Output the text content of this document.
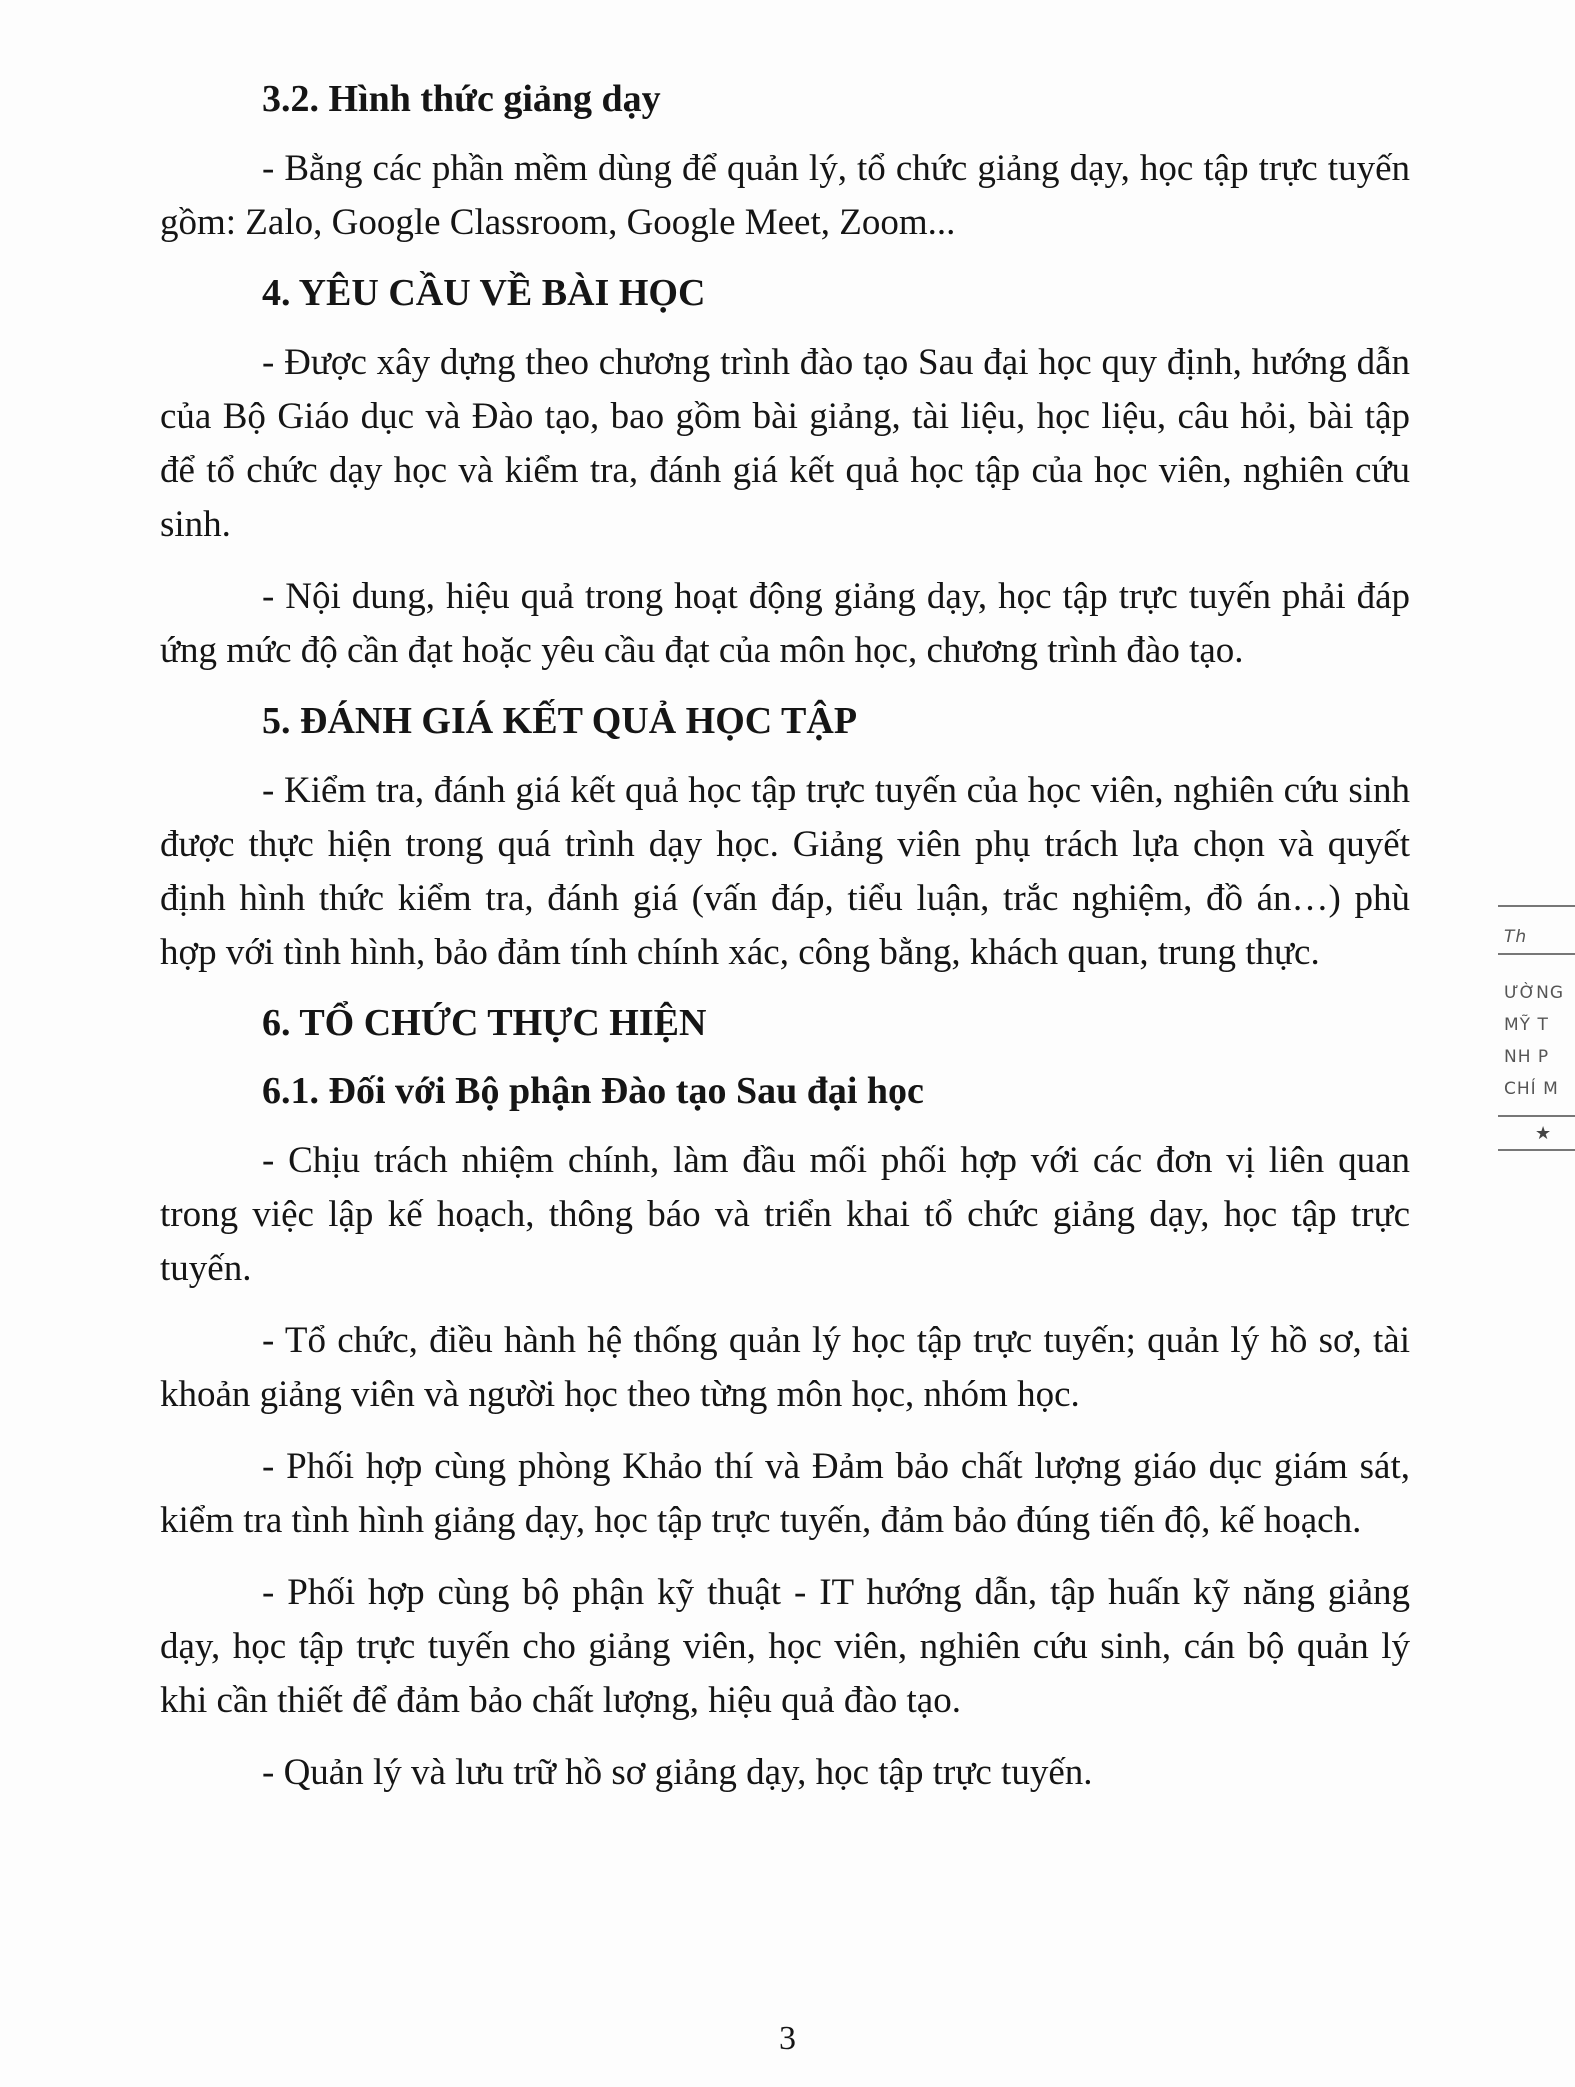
3.2. Hình thức giảng dạy

- Bằng các phần mềm dùng để quản lý, tổ chức giảng dạy, học tập trực tuyến gồm: Zalo, Google Classroom, Google Meet, Zoom...

4. YÊU CẦU VỀ BÀI HỌC

- Được xây dựng theo chương trình đào tạo Sau đại học quy định, hướng dẫn của Bộ Giáo dục và Đào tạo, bao gồm bài giảng, tài liệu, học liệu, câu hỏi, bài tập để tổ chức dạy học và kiểm tra, đánh giá kết quả học tập của học viên, nghiên cứu sinh.

- Nội dung, hiệu quả trong hoạt động giảng dạy, học tập trực tuyến phải đáp ứng mức độ cần đạt hoặc yêu cầu đạt của môn học, chương trình đào tạo.

5. ĐÁNH GIÁ KẾT QUẢ HỌC TẬP

- Kiểm tra, đánh giá kết quả học tập trực tuyến của học viên, nghiên cứu sinh được thực hiện trong quá trình dạy học. Giảng viên phụ trách lựa chọn và quyết định hình thức kiểm tra, đánh giá (vấn đáp, tiểu luận, trắc nghiệm, đồ án…) phù hợp với tình hình, bảo đảm tính chính xác, công bằng, khách quan, trung thực.

6. TỔ CHỨC THỰC HIỆN
6.1. Đối với Bộ phận Đào tạo Sau đại học

- Chịu trách nhiệm chính, làm đầu mối phối hợp với các đơn vị liên quan trong việc lập kế hoạch, thông báo và triển khai tổ chức giảng dạy, học tập trực tuyến.

- Tổ chức, điều hành hệ thống quản lý học tập trực tuyến; quản lý hồ sơ, tài khoản giảng viên và người học theo từng môn học, nhóm học.

- Phối hợp cùng phòng Khảo thí và Đảm bảo chất lượng giáo dục giám sát, kiểm tra tình hình giảng dạy, học tập trực tuyến, đảm bảo đúng tiến độ, kế hoạch.

- Phối hợp cùng bộ phận kỹ thuật - IT hướng dẫn, tập huấn kỹ năng giảng dạy, học tập trực tuyến cho giảng viên, học viên, nghiên cứu sinh, cán bộ quản lý khi cần thiết để đảm bảo chất lượng, hiệu quả đào tạo.

- Quản lý và lưu trữ hồ sơ giảng dạy, học tập trực tuyến.

Th
ƯỜNG
MỸ T
NH P
CHÍ M
★
3
